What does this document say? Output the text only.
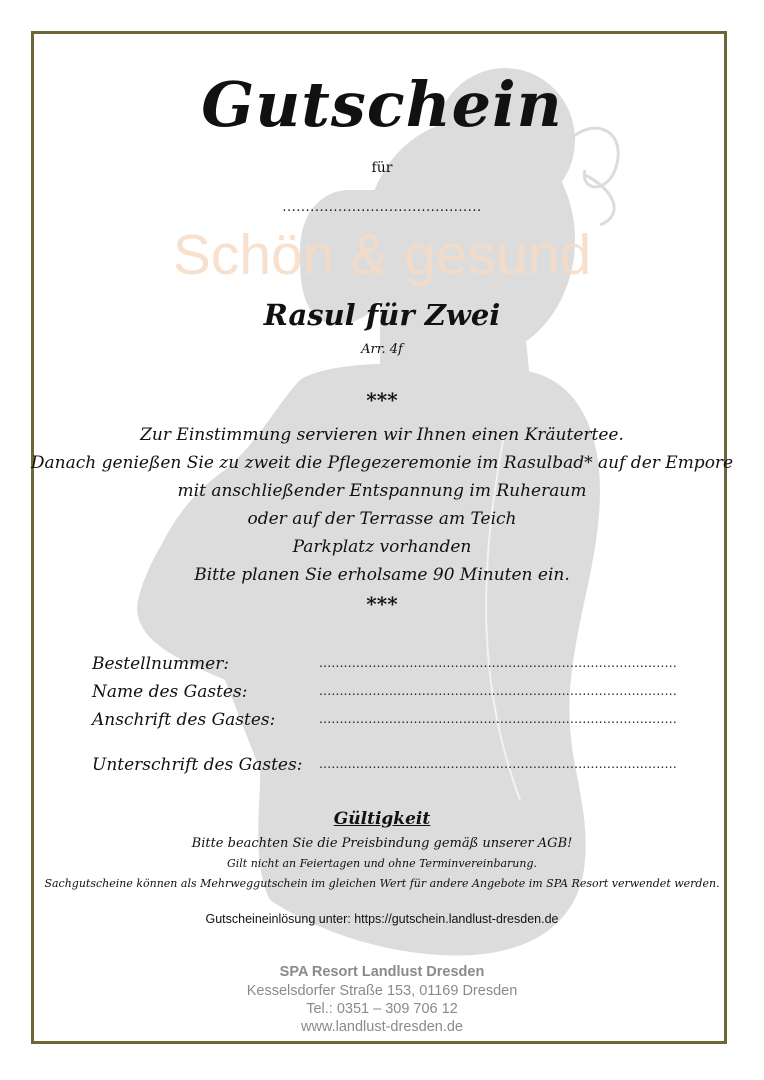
Gutschein
für
...........................................
Schön & gesund
Rasul für Zwei
Arr. 4f
***
Zur Einstimmung servieren wir Ihnen einen Kräutertee.
Danach genießen Sie zu zweit die Pflegezeremonie im Rasulbad* auf der Empore
mit anschließender Entspannung im Ruheraum
oder auf der Terrasse am Teich
Parkplatz vorhanden
Bitte planen Sie erholsame 90 Minuten ein.
***
Bestellnummer:	.......................................................................................
Name des Gastes:	.......................................................................................
Anschrift des Gastes:	.......................................................................................
Unterschrift des Gastes: .......................................................................................
Gültigkeit
Bitte beachten Sie die Preisbindung gemäß unserer AGB!
Gilt nicht an Feiertagen und ohne Terminvereinbarung.
Sachgutscheine können als Mehrweggutschein im gleichen Wert für andere Angebote im SPA Resort verwendet werden.
Gutscheineinlösung unter: https://gutschein.landlust-dresden.de
SPA Resort Landlust Dresden
Kesselsdorfer Straße 153, 01169 Dresden
Tel.: 0351 – 309 706 12
www.landlust-dresden.de
